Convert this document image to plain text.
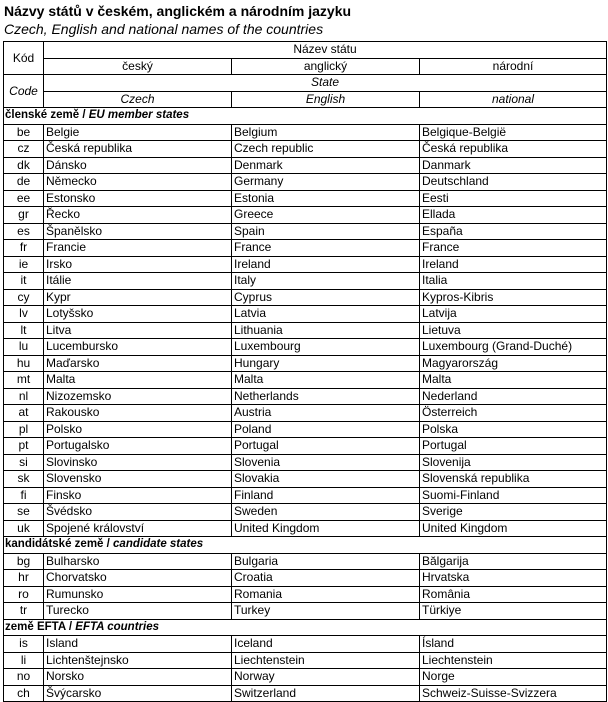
Názvy států v českém, anglickém a národním jazyku
Czech, English and national names of the countries
Kód	Název státu		
	český	anglický	národní
Code	State		
	Czech	English	national
členské země / EU member states			
be	Belgie	Belgium	Belgique-België
cz	Česká republika	Czech republic	Česká republika
dk	Dánsko	Denmark	Danmark
de	Německo	Germany	Deutschland
ee	Estonsko	Estonia	Eesti
gr	Řecko	Greece	Ellada
es	Španělsko	Spain	España
fr	Francie	France	France
ie	Irsko	Ireland	Ireland
it	Itálie	Italy	Italia
cy	Kypr	Cyprus	Kypros-Kibris
lv	Lotyšsko	Latvia	Latvija
lt	Litva	Lithuania	Lietuva
lu	Lucembursko	Luxembourg	Luxembourg (Grand-Duché)
hu	Maďarsko	Hungary	Magyarország
mt	Malta	Malta	Malta
nl	Nizozemsko	Netherlands	Nederland
at	Rakousko	Austria	Österreich
pl	Polsko	Poland	Polska
pt	Portugalsko	Portugal	Portugal
si	Slovinsko	Slovenia	Slovenija
sk	Slovensko	Slovakia	Slovenská republika
fi	Finsko	Finland	Suomi-Finland
se	Švédsko	Sweden	Sverige
uk	Spojené království	United Kingdom	United Kingdom
kandidátské země / candidate states			
bg	Bulharsko	Bulgaria	Bălgarija
hr	Chorvatsko	Croatia	Hrvatska
ro	Rumunsko	Romania	România
tr	Turecko	Turkey	Türkiye
země EFTA / EFTA countries			
is	Island	Iceland	Ísland
li	Lichtenštejnsko	Liechtenstein	Liechtenstein
no	Norsko	Norway	Norge
ch	Švýcarsko	Switzerland	Schweiz-Suisse-Svizzera
